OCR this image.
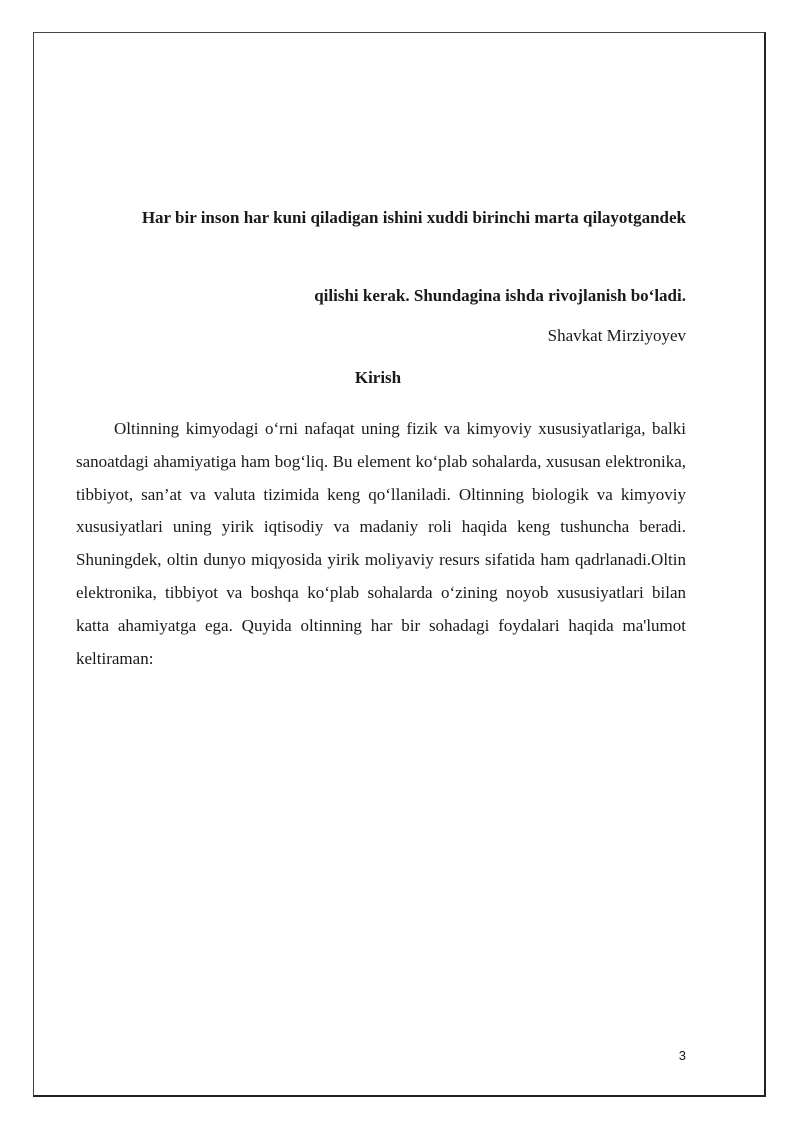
Har bir inson har kuni qiladigan ishini xuddi birinchi marta qilayotgandek
qilishi kerak. Shundagina ishda rivojlanish bo‘ladi.
Shavkat Mirziyoyev
Kirish

Oltinning kimyodagi o‘rni nafaqat uning fizik va kimyoviy xususiyatlariga, balki sanoatdagi ahamiyatiga ham bog‘liq. Bu element ko‘plab sohalarda, xususan elektronika, tibbiyot, san’at va valuta tizimida keng qo‘llaniladi. Oltinning biologik va kimyoviy xususiyatlari uning yirik iqtisodiy va madaniy roli haqida keng tushuncha beradi. Shuningdek, oltin dunyo miqyosida yirik moliyaviy resurs sifatida ham qadrlanadi.Oltin elektronika, tibbiyot va boshqa ko‘plab sohalarda o‘zining noyob xususiyatlari bilan katta ahamiyatga ega. Quyida oltinning har bir sohadagi foydalari haqida ma'lumot keltiraman:

3
